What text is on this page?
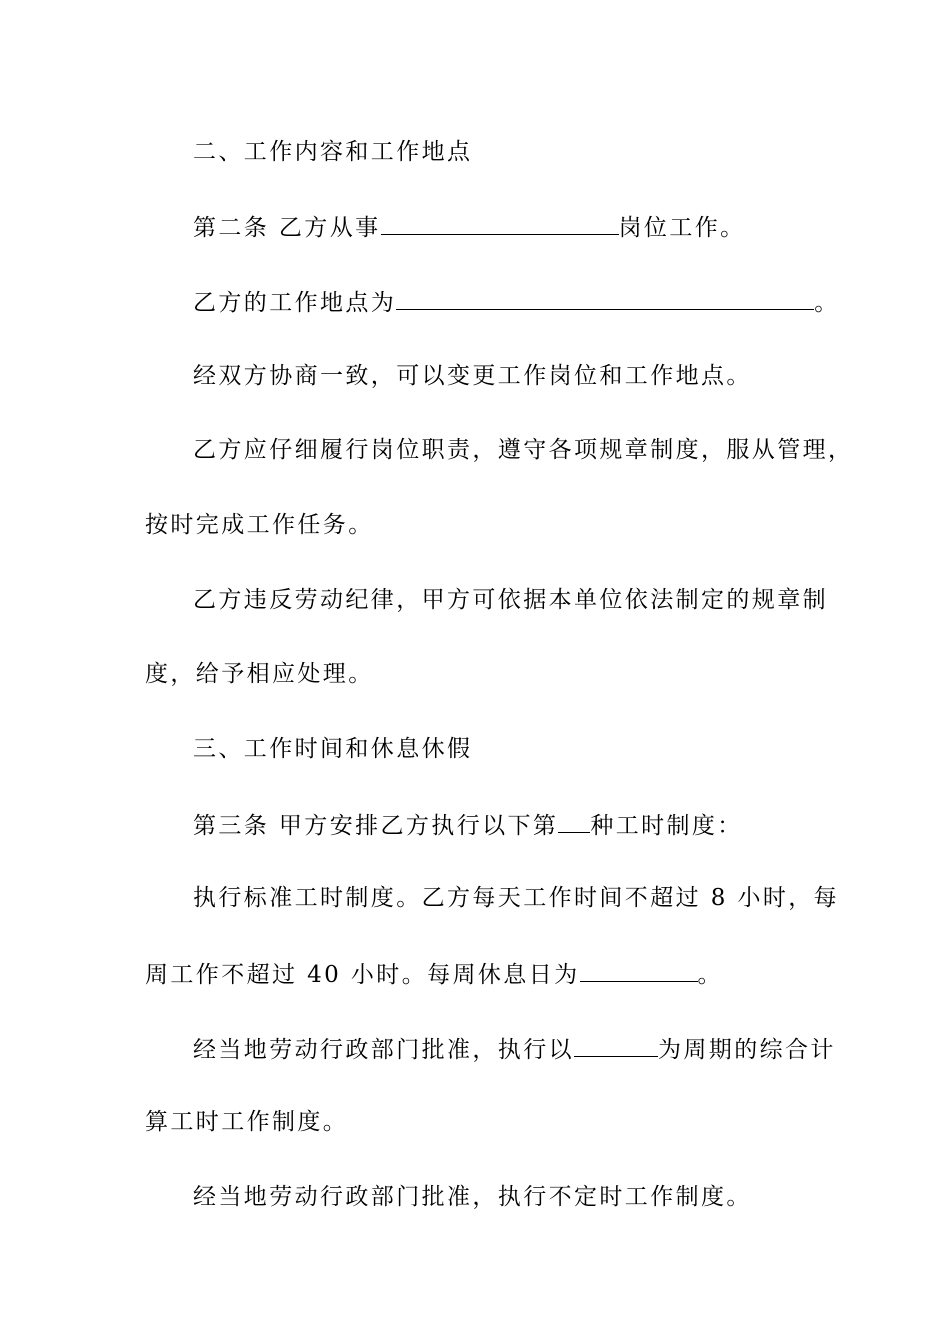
二、工作内容和工作地点
第二条 乙方从事	岗位工作。
乙方的工作地点为	。
经双方协商一致，可以变更工作岗位和工作地点。
乙方应仔细履行岗位职责，遵守各项规章制度，服从管理，
按时完成工作任务。
乙方违反劳动纪律，甲方可依据本单位依法制定的规章制
度，给予相应处理。
三、工作时间和休息休假
第三条 甲方安排乙方执行以下第 种工时制度：
执行标准工时制度。乙方每天工作时间不超过 8 小时，每
周工作不超过 40 小时。每周休息日为	。
经当地劳动行政部门批准，执行以	为周期的综合计
算工时工作制度。
经当地劳动行政部门批准，执行不定时工作制度。
